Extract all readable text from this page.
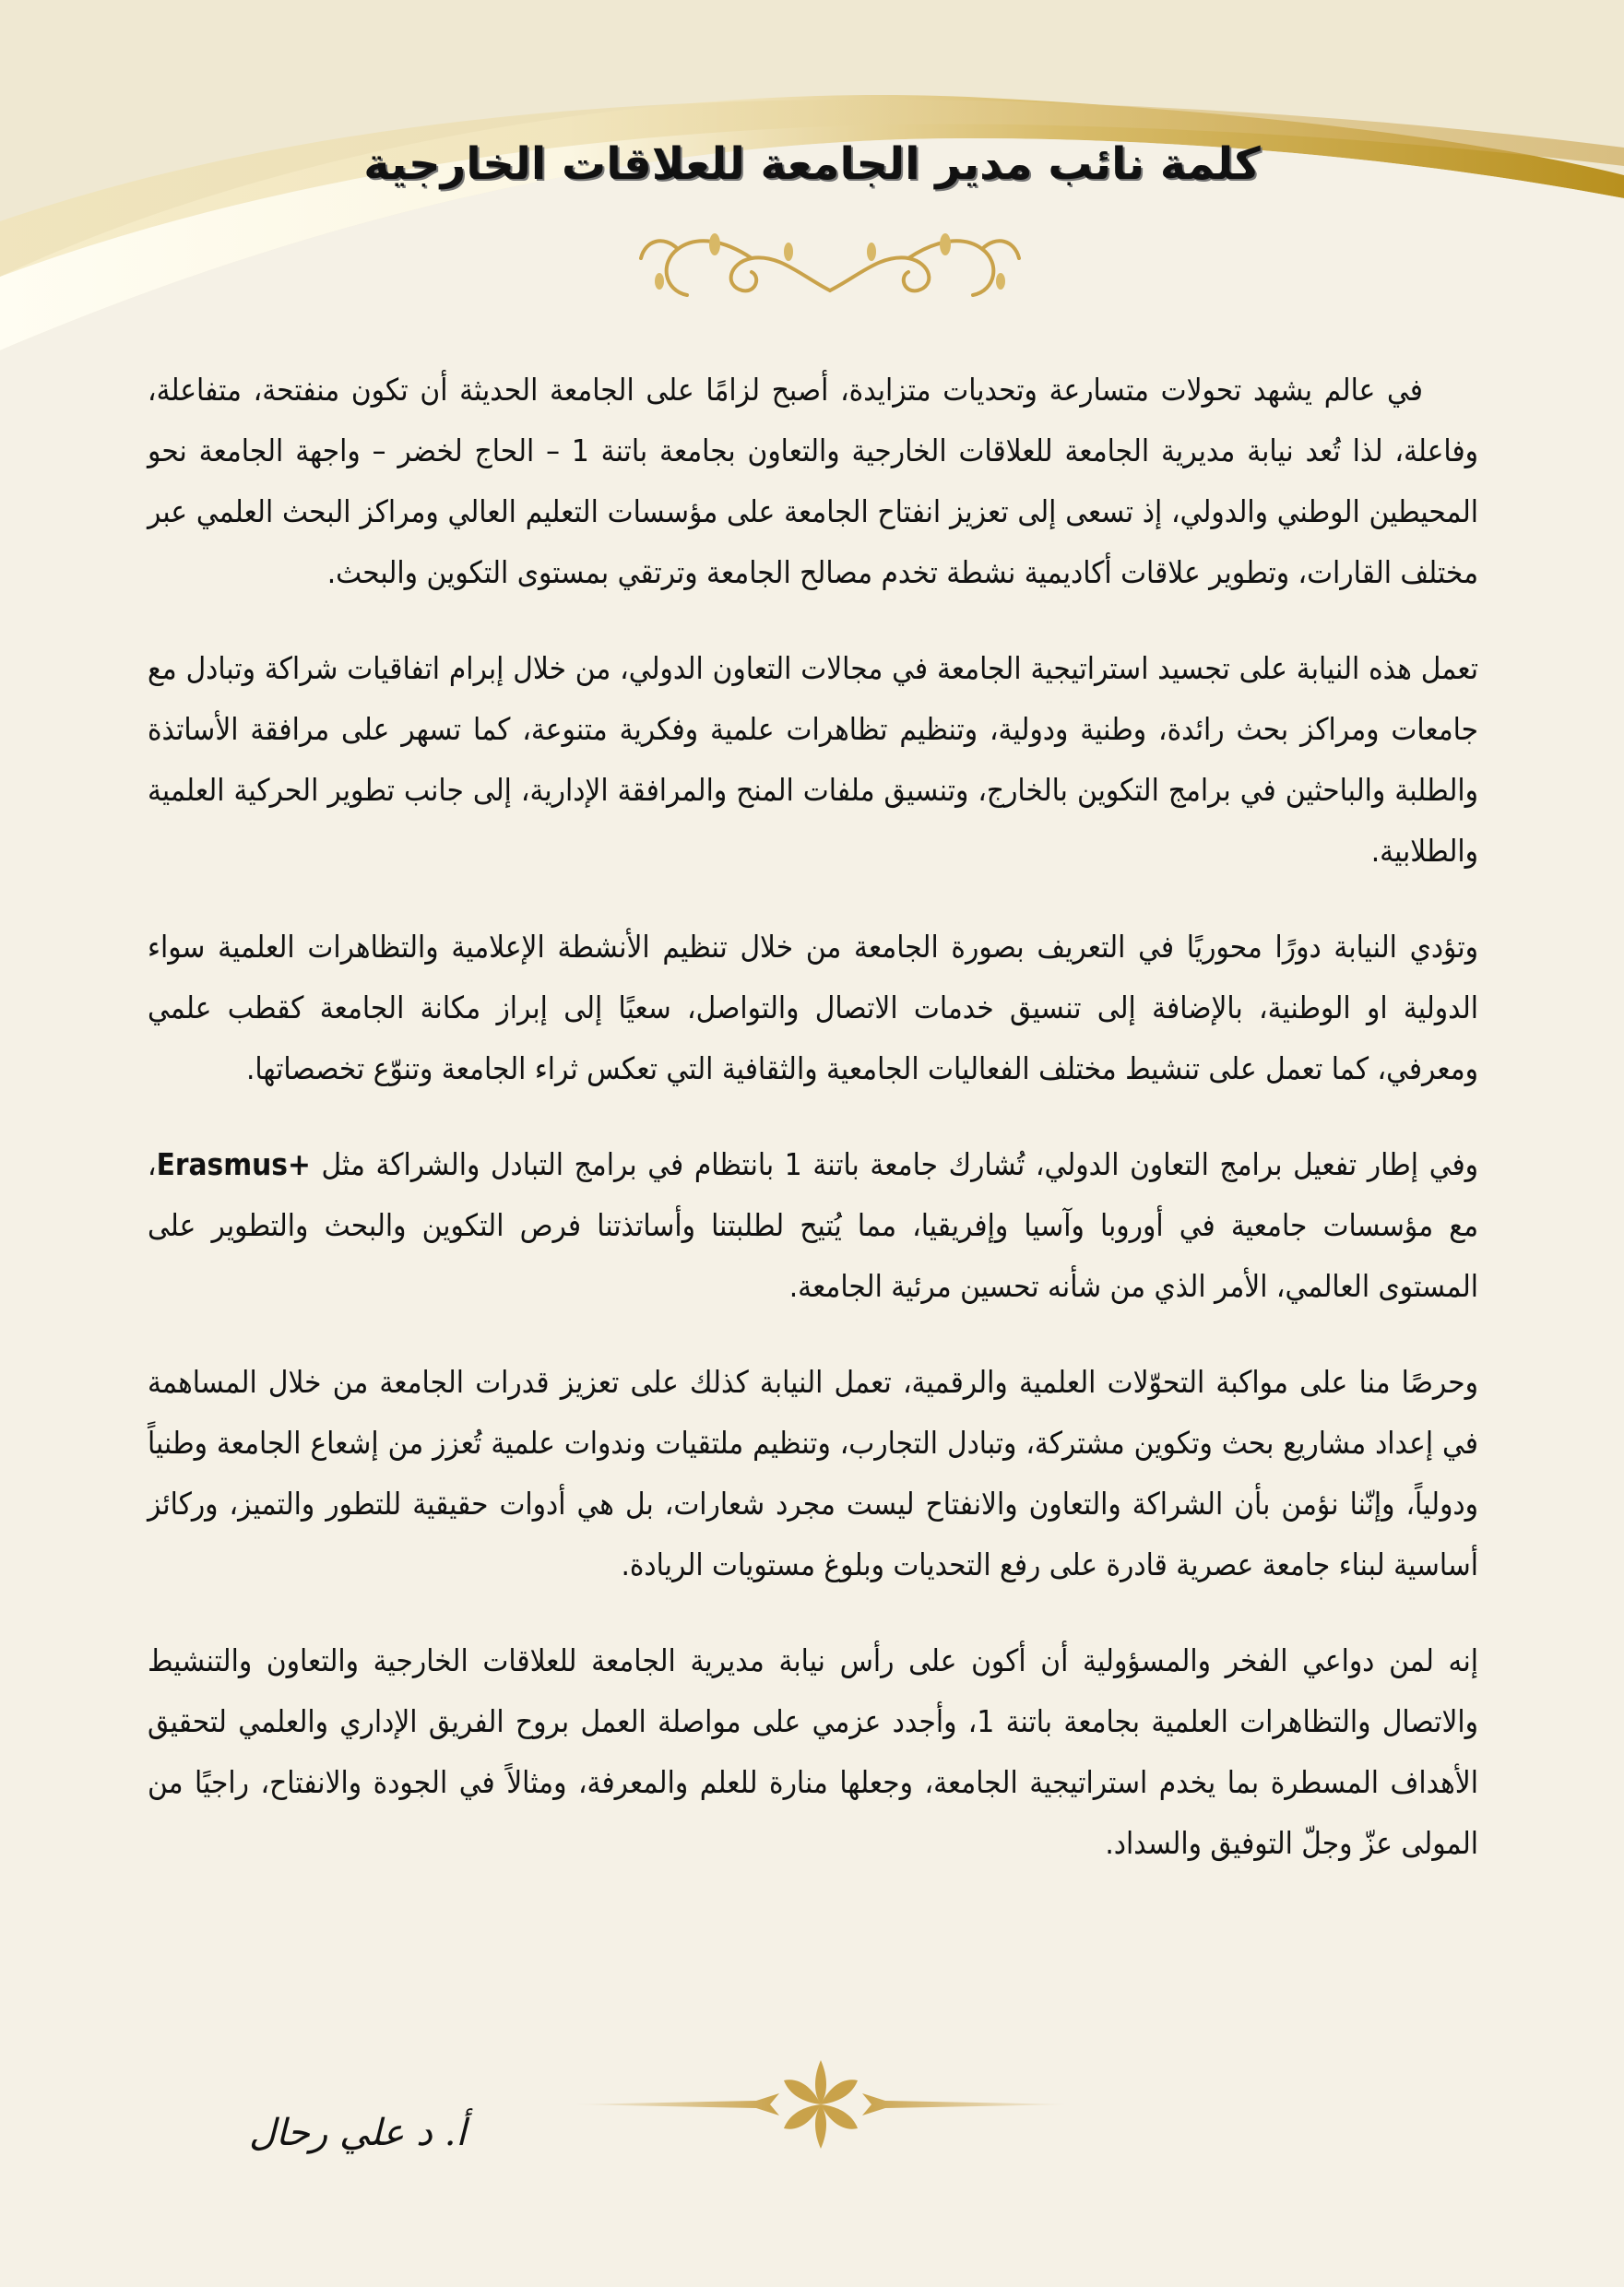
كلمة نائب مدير الجامعة للعلاقات الخارجية

في عالم يشهد تحولات متسارعة وتحديات متزايدة، أصبح لزامًا على الجامعة الحديثة أن تكون منفتحة، متفاعلة، وفاعلة، لذا تُعد نيابة مديرية الجامعة للعلاقات الخارجية والتعاون بجامعة باتنة 1 – الحاج لخضر – واجهة الجامعة نحو المحيطين الوطني والدولي، إذ تسعى إلى تعزيز انفتاح الجامعة على مؤسسات التعليم العالي ومراكز البحث العلمي عبر مختلف القارات، وتطوير علاقات أكاديمية نشطة تخدم مصالح الجامعة وترتقي بمستوى التكوين والبحث.

تعمل هذه النيابة على تجسيد استراتيجية الجامعة في مجالات التعاون الدولي، من خلال إبرام اتفاقيات شراكة وتبادل مع جامعات ومراكز بحث رائدة، وطنية ودولية، وتنظيم تظاهرات علمية وفكرية متنوعة، كما تسهر على مرافقة الأساتذة والطلبة والباحثين في برامج التكوين بالخارج، وتنسيق ملفات المنح والمرافقة الإدارية، إلى جانب تطوير الحركية العلمية والطلابية.

وتؤدي النيابة دورًا محوريًا في التعريف بصورة الجامعة من خلال تنظيم الأنشطة الإعلامية والتظاهرات العلمية سواء الدولية او الوطنية، بالإضافة إلى تنسيق خدمات الاتصال والتواصل، سعيًا إلى إبراز مكانة الجامعة كقطب علمي ومعرفي، كما تعمل على تنشيط مختلف الفعاليات الجامعية والثقافية التي تعكس ثراء الجامعة وتنوّع تخصصاتها.

وفي إطار تفعيل برامج التعاون الدولي، تُشارك جامعة باتنة 1 بانتظام في برامج التبادل والشراكة مثل Erasmus+، مع مؤسسات جامعية في أوروبا وآسيا وإفريقيا، مما يُتيح لطلبتنا وأساتذتنا فرص التكوين والبحث والتطوير على المستوى العالمي، الأمر الذي من شأنه تحسين مرئية الجامعة.

وحرصًا منا على مواكبة التحوّلات العلمية والرقمية، تعمل النيابة كذلك على تعزيز قدرات الجامعة من خلال المساهمة في إعداد مشاريع بحث وتكوين مشتركة، وتبادل التجارب، وتنظيم ملتقيات وندوات علمية تُعزز من إشعاع الجامعة وطنياً ودولياً، وإنّنا نؤمن بأن الشراكة والتعاون والانفتاح ليست مجرد شعارات، بل هي أدوات حقيقية للتطور والتميز، وركائز أساسية لبناء جامعة عصرية قادرة على رفع التحديات وبلوغ مستويات الريادة.

إنه لمن دواعي الفخر والمسؤولية أن أكون على رأس نيابة مديرية الجامعة للعلاقات الخارجية والتعاون والتنشيط والاتصال والتظاهرات العلمية بجامعة باتنة 1، وأجدد عزمي على مواصلة العمل بروح الفريق الإداري والعلمي لتحقيق الأهداف المسطرة بما يخدم استراتيجية الجامعة، وجعلها منارة للعلم والمعرفة، ومثالاً في الجودة والانفتاح، راجيًا من المولى عزّ وجلّ التوفيق والسداد.

أ. د علي رحال
